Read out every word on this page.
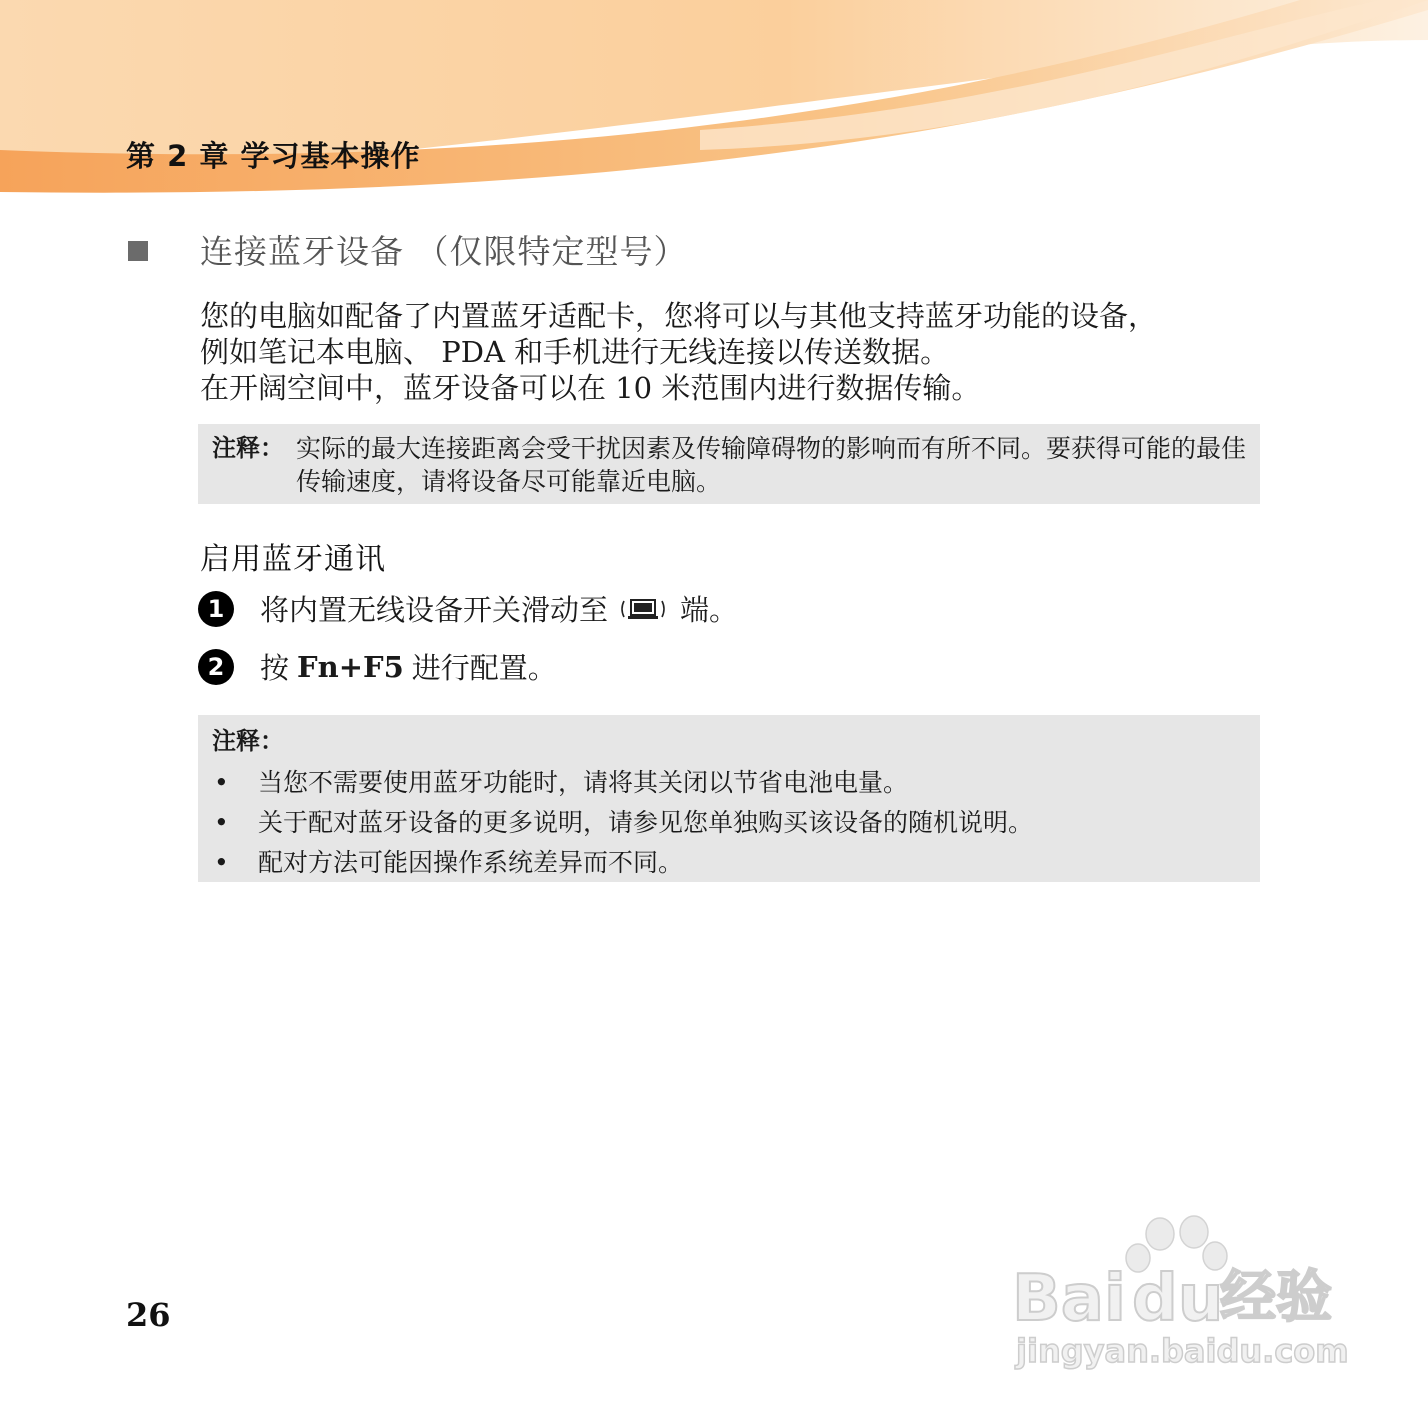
第 2 章 学习基本操作
连接蓝牙设备 （仅限特定型号）

您的电脑如配备了内置蓝牙适配卡，您将可以与其他支持蓝牙功能的设备，

例如笔记本电脑、 PDA 和手机进行无线连接以传送数据。

在开阔空间中，蓝牙设备可以在 10 米范围内进行数据传输。

注释： 实际的最大连接距离会受干扰因素及传输障碍物的影响而有所不同。要获得可能的最佳传输速度，请将设备尽可能靠近电脑。
启用蓝牙通讯
1	将内置无线设备开关滑动至 端。
2	按 Fn+F5 进行配置。
注释：
•	当您不需要使用蓝牙功能时，请将其关闭以节省电池电量。
•	关于配对蓝牙设备的更多说明，请参见您单独购买该设备的随机说明。
•	配对方法可能因操作系统差异而不同。
26	Bai du
经验
jingyan.baidu.com
